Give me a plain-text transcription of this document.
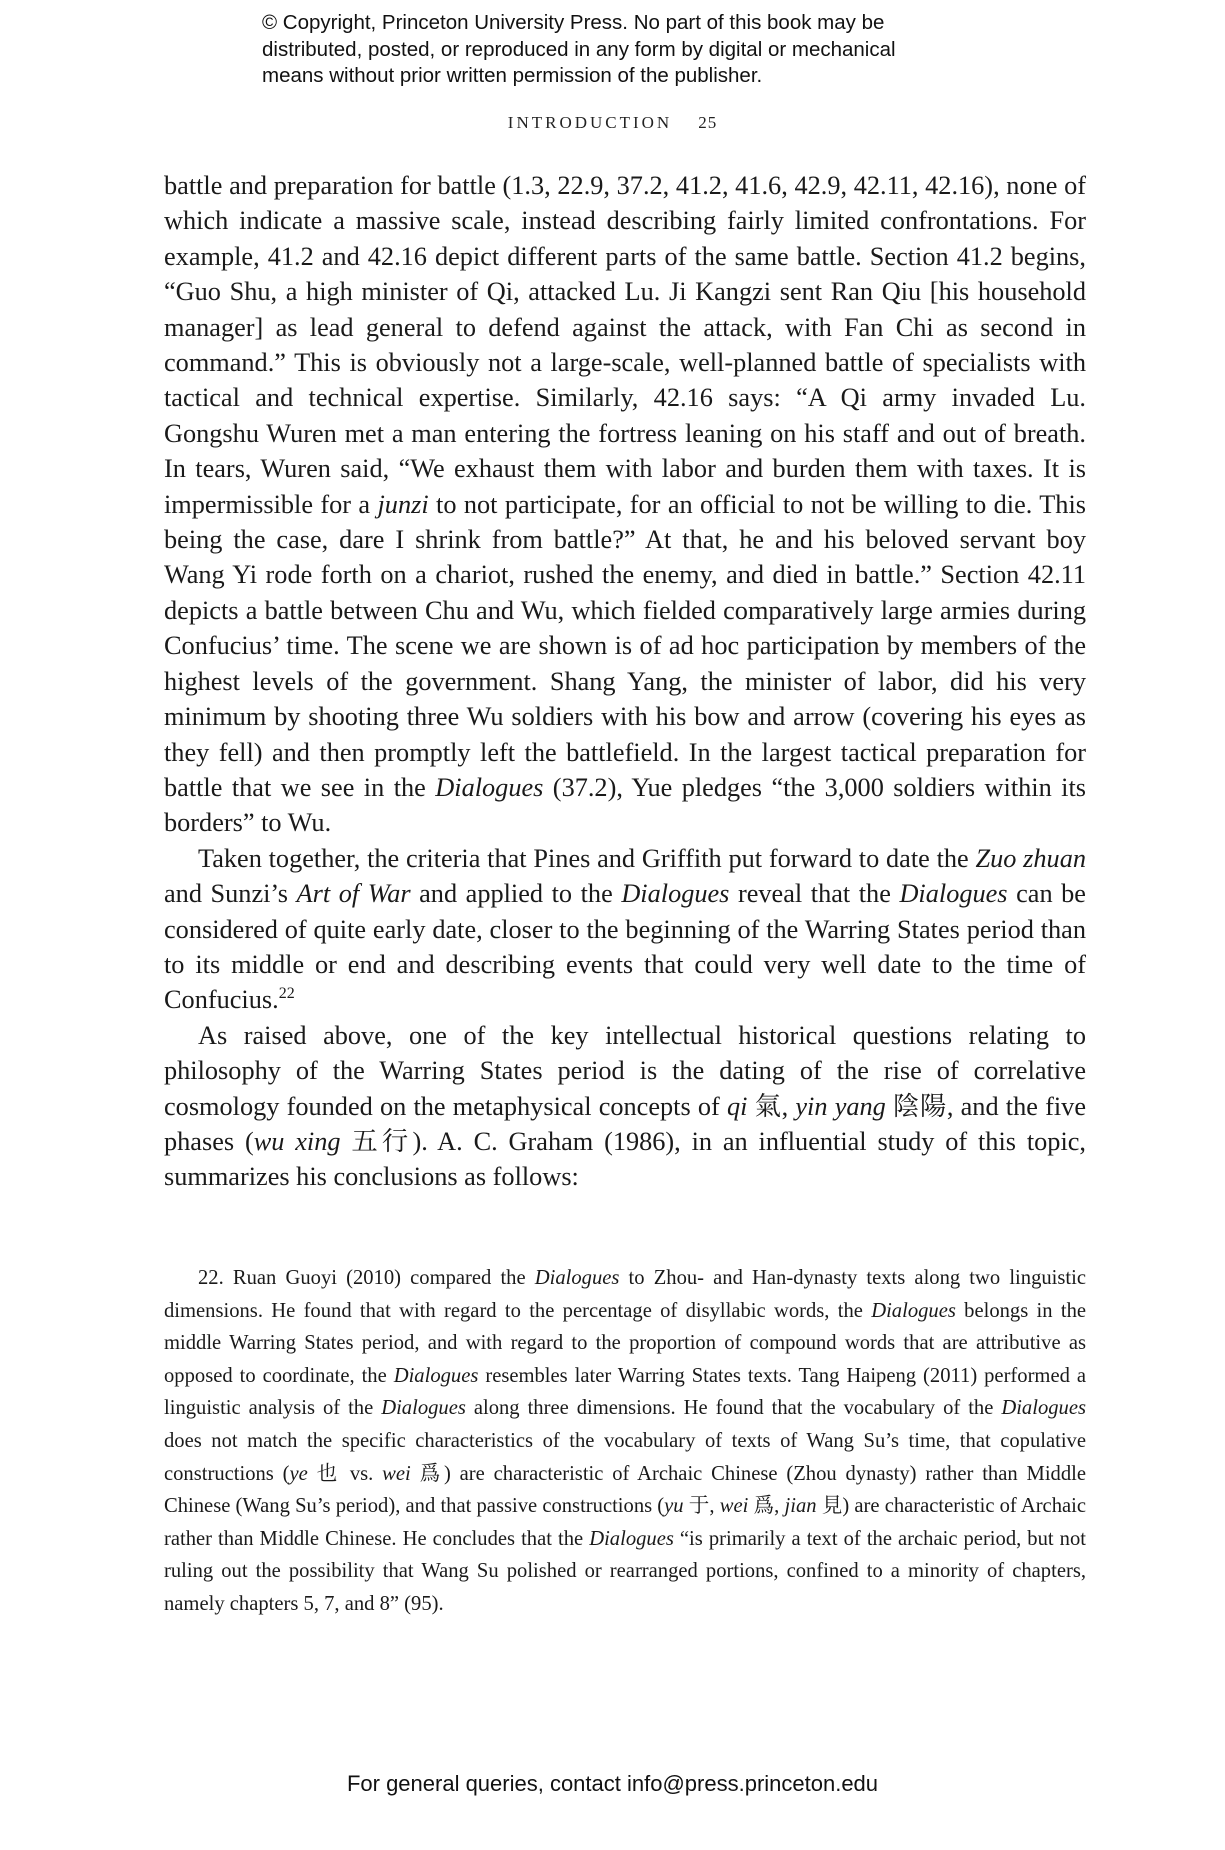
© Copyright, Princeton University Press. No part of this book may be
distributed, posted, or reproduced in any form by digital or mechanical
means without prior written permission of the publisher.
INTRODUCTION 25

battle and preparation for battle (1.3, 22.9, 37.2, 41.2, 41.6, 42.9, 42.11, 42.16), none of which indicate a massive scale, instead describing fairly limited confrontations. For example, 41.2 and 42.16 depict different parts of the same battle. Section 41.2 begins, “Guo Shu, a high minister of Qi, attacked Lu. Ji Kangzi sent Ran Qiu [his household manager] as lead general to defend against the attack, with Fan Chi as second in command.” This is obviously not a large-scale, well-planned battle of specialists with tactical and technical expertise. Similarly, 42.16 says: “A Qi army invaded Lu. Gongshu Wuren met a man entering the fortress leaning on his staff and out of breath. In tears, Wuren said, “We exhaust them with labor and burden them with taxes. It is impermissible for a junzi to not participate, for an official to not be willing to die. This being the case, dare I shrink from battle?” At that, he and his beloved servant boy Wang Yi rode forth on a chariot, rushed the enemy, and died in battle.” Section 42.11 depicts a battle between Chu and Wu, which fielded comparatively large armies during Confucius’ time. The scene we are shown is of ad hoc participation by members of the highest levels of the government. Shang Yang, the minister of labor, did his very minimum by shooting three Wu soldiers with his bow and arrow (covering his eyes as they fell) and then promptly left the battlefield. In the largest tactical preparation for battle that we see in the Dialogues (37.2), Yue pledges “the 3,000 soldiers within its borders” to Wu.

Taken together, the criteria that Pines and Griffith put forward to date the Zuo zhuan and Sunzi’s Art of War and applied to the Dialogues reveal that the Dialogues can be considered of quite early date, closer to the beginning of the Warring States period than to its middle or end and describing events that could very well date to the time of Confucius.$^{22}$

As raised above, one of the key intellectual historical questions relating to philosophy of the Warring States period is the dating of the rise of correlative cosmology founded on the metaphysical concepts of qi 氣, yin yang 陰陽, and the five phases (wu xing 五行). A. C. Graham (1986), in an influential study of this topic, summarizes his conclusions as follows:

22. Ruan Guoyi (2010) compared the Dialogues to Zhou- and Han-dynasty texts along two linguistic dimensions. He found that with regard to the percentage of disyllabic words, the Dialogues belongs in the middle Warring States period, and with regard to the proportion of compound words that are attributive as opposed to coordinate, the Dialogues resembles later Warring States texts. Tang Haipeng (2011) performed a linguistic analysis of the Dialogues along three dimensions. He found that the vocabulary of the Dialogues does not match the specific characteristics of the vocabulary of texts of Wang Su’s time, that copulative constructions (ye 也 vs. wei 爲) are characteristic of Archaic Chinese (Zhou dynasty) rather than Middle Chinese (Wang Su’s period), and that passive constructions (yu 于, wei 爲, jian 見) are characteristic of Archaic rather than Middle Chinese. He concludes that the Dialogues “is primarily a text of the archaic period, but not ruling out the possibility that Wang Su polished or rearranged portions, confined to a minority of chapters, namely chapters 5, 7, and 8” (95).
For general queries, contact info@press.princeton.edu
